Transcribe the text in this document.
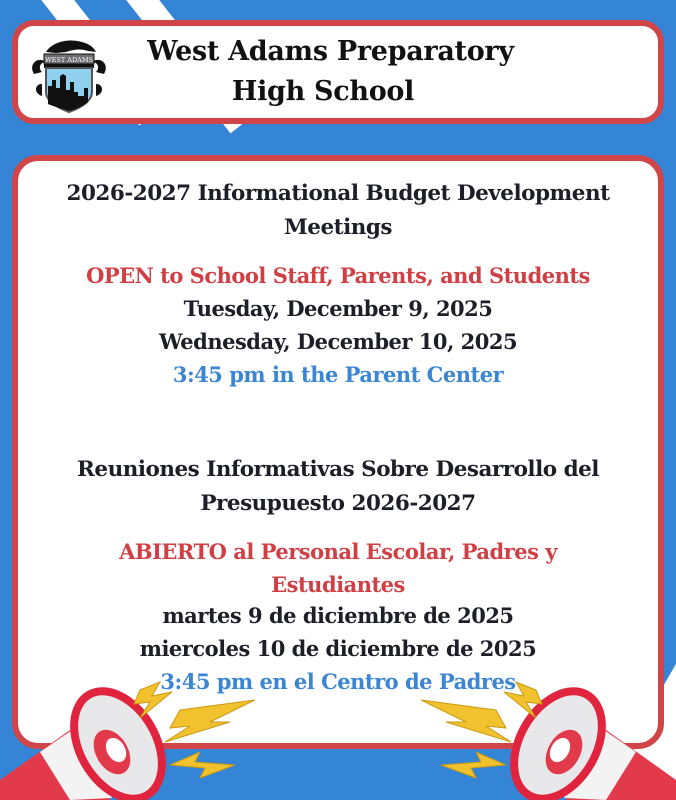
WEST ADAMS	West Adams Preparatory
High School
2026-2027 Informational Budget Development
Meetings
OPEN to School Staff, Parents, and Students
Tuesday, December 9, 2025
Wednesday, December 10, 2025
3:45 pm in the Parent Center
Reuniones Informativas Sobre Desarrollo del
Presupuesto 2026-2027
ABIERTO al Personal Escolar, Padres y
Estudiantes
martes 9 de diciembre de 2025
miercoles 10 de diciembre de 2025
3:45 pm en el Centro de Padres
